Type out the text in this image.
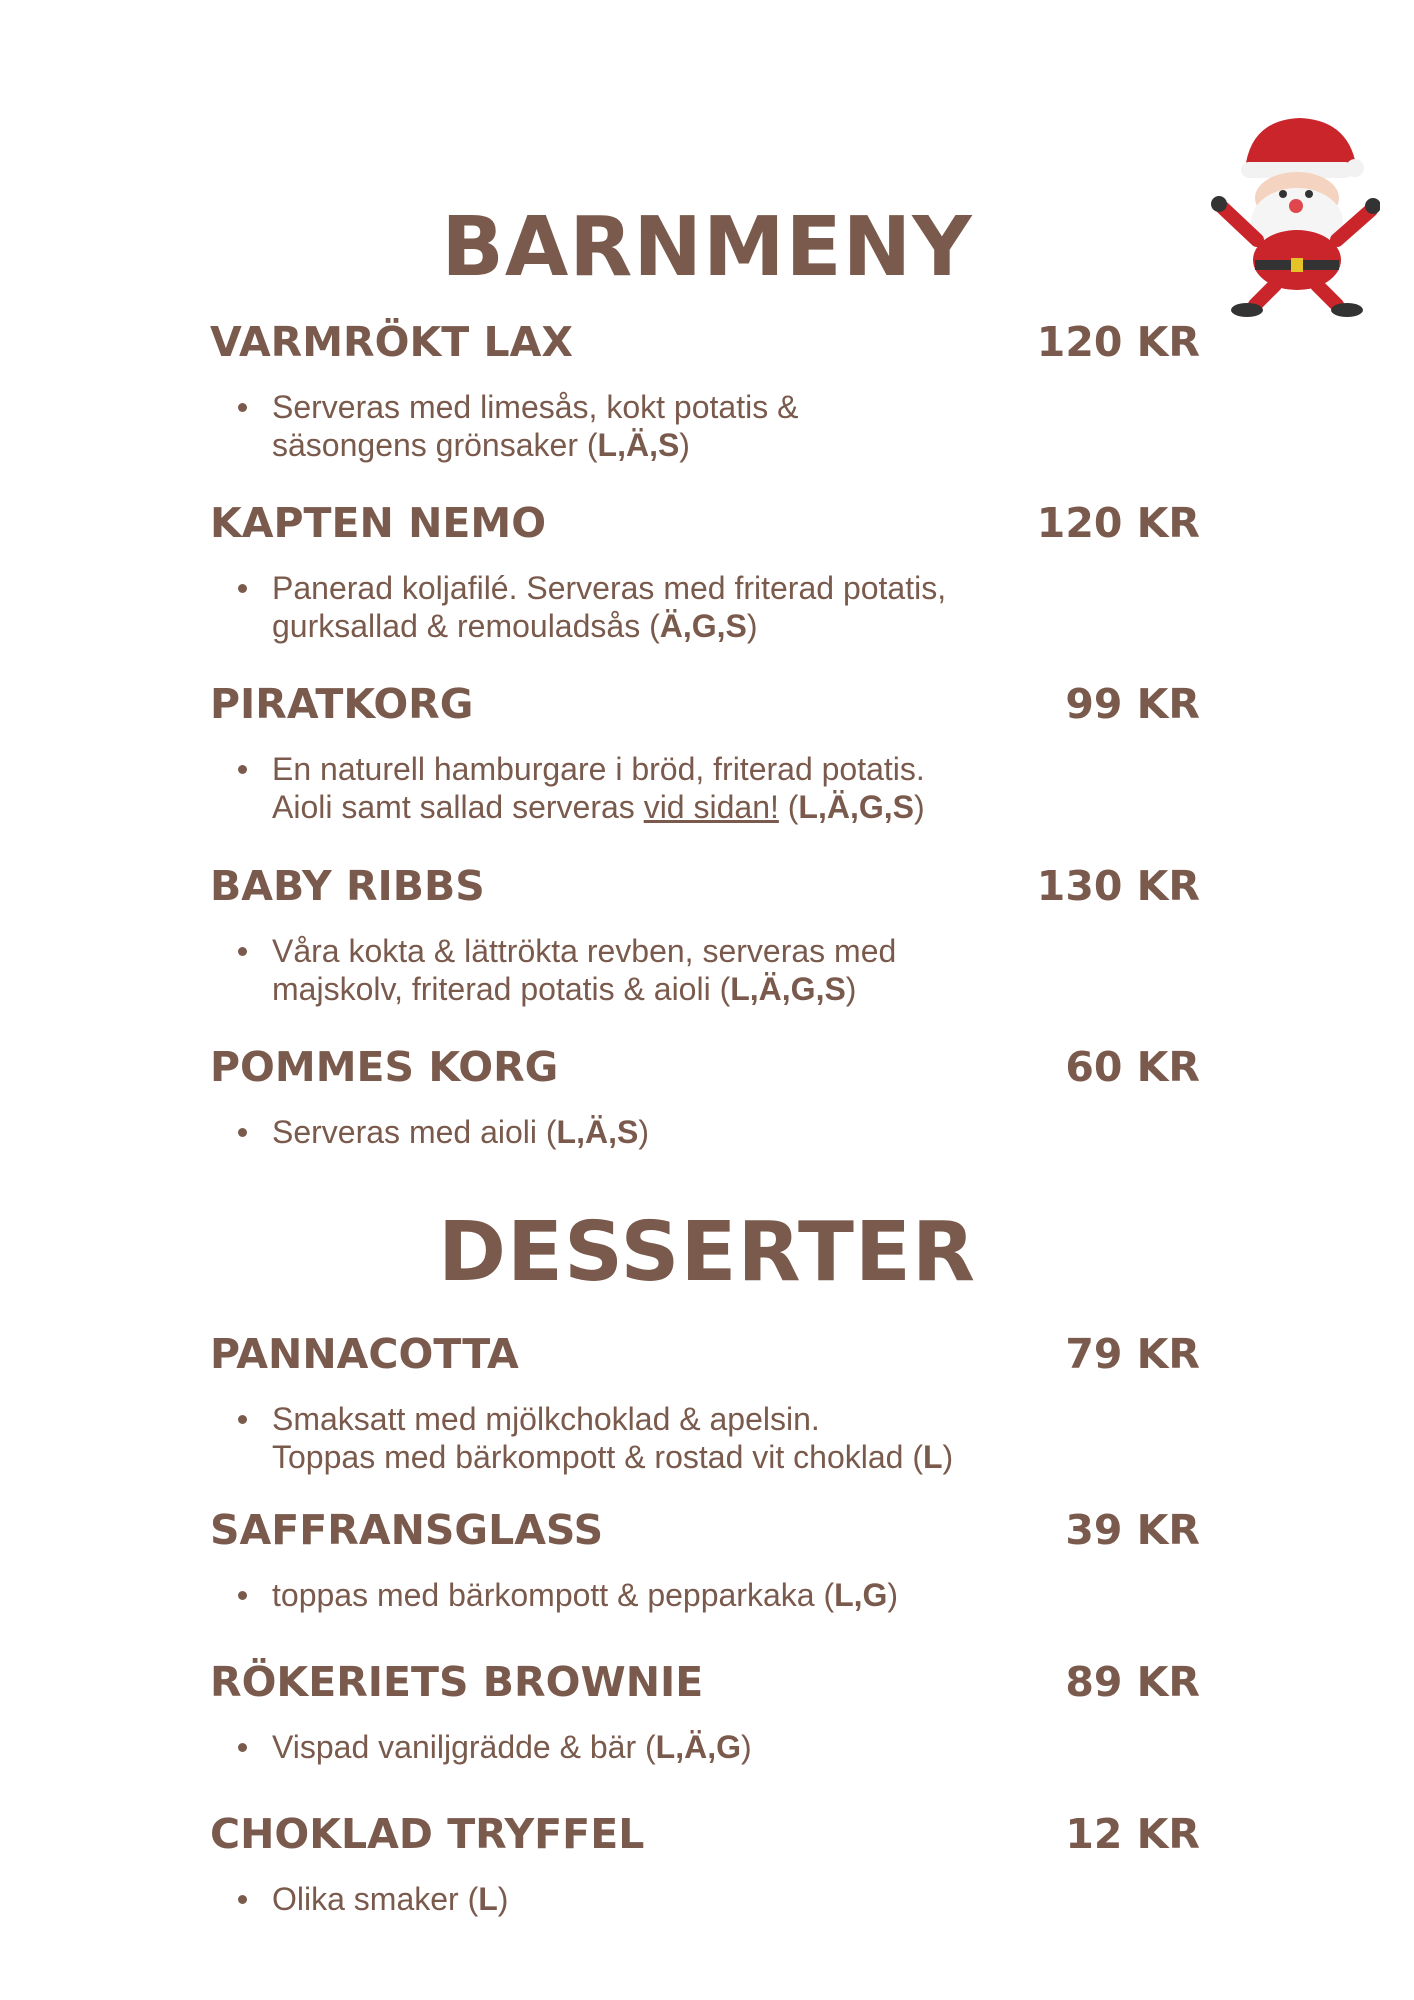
BARNMENY
DESSERTER
VARMRÖKT LAX	120 KR
Serveras med limesås, kokt potatis &
säsongens grönsaker (L,Ä,S)
KAPTEN NEMO	120 KR
Panerad koljafilé. Serveras med friterad potatis,
gurksallad & remouladsås (Ä,G,S)
PIRATKORG	99 KR
En naturell hamburgare i bröd, friterad potatis.
Aioli samt sallad serveras vid sidan! (L,Ä,G,S)
BABY RIBBS	130 KR
Våra kokta & lättrökta revben, serveras med
majskolv, friterad potatis & aioli (L,Ä,G,S)
POMMES KORG	60 KR
Serveras med aioli (L,Ä,S)
PANNACOTTA	79 KR
Smaksatt med mjölkchoklad & apelsin.
Toppas med bärkompott & rostad vit choklad (L)
SAFFRANSGLASS	39 KR
toppas med bärkompott & pepparkaka (L,G)
RÖKERIETS BROWNIE	89 KR
Vispad vaniljgrädde & bär (L,Ä,G)
CHOKLAD TRYFFEL	12 KR
Olika smaker (L)
